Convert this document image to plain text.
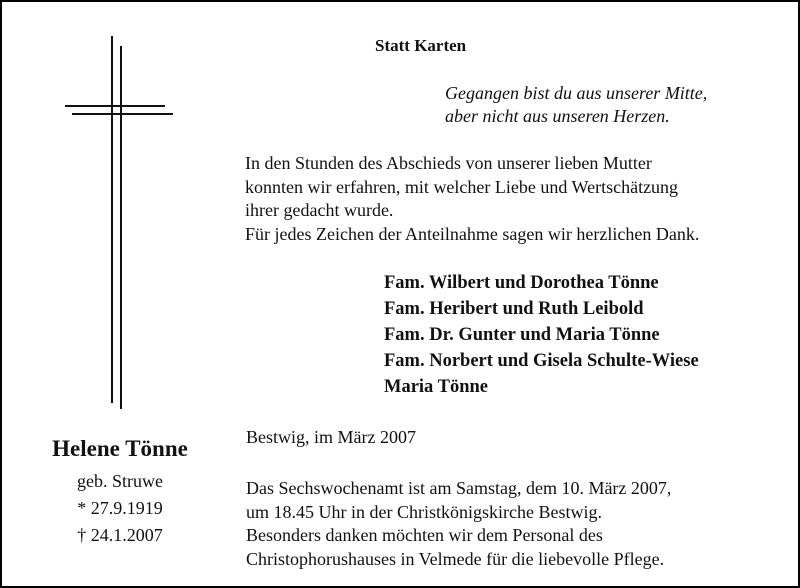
Statt Karten
Gegangen bist du aus unserer Mitte,
aber nicht aus unseren Herzen.
In den Stunden des Abschieds von unserer lieben Mutter
konnten wir erfahren, mit welcher Liebe und Wertschätzung
ihrer gedacht wurde.
Für jedes Zeichen der Anteilnahme sagen wir herzlichen Dank.
Fam. Wilbert und Dorothea Tönne
Fam. Heribert und Ruth Leibold
Fam. Dr. Gunter und Maria Tönne
Fam. Norbert und Gisela Schulte-Wiese
Maria Tönne
Bestwig, im März 2007
Das Sechswochenamt ist am Samstag, dem 10. März 2007,
um 18.45 Uhr in der Christkönigskirche Bestwig.
Besonders danken möchten wir dem Personal des
Christophorushauses in Velmede für die liebevolle Pflege.
Helene Tönne
geb. Struwe
* 27.9.1919
† 24.1.2007
